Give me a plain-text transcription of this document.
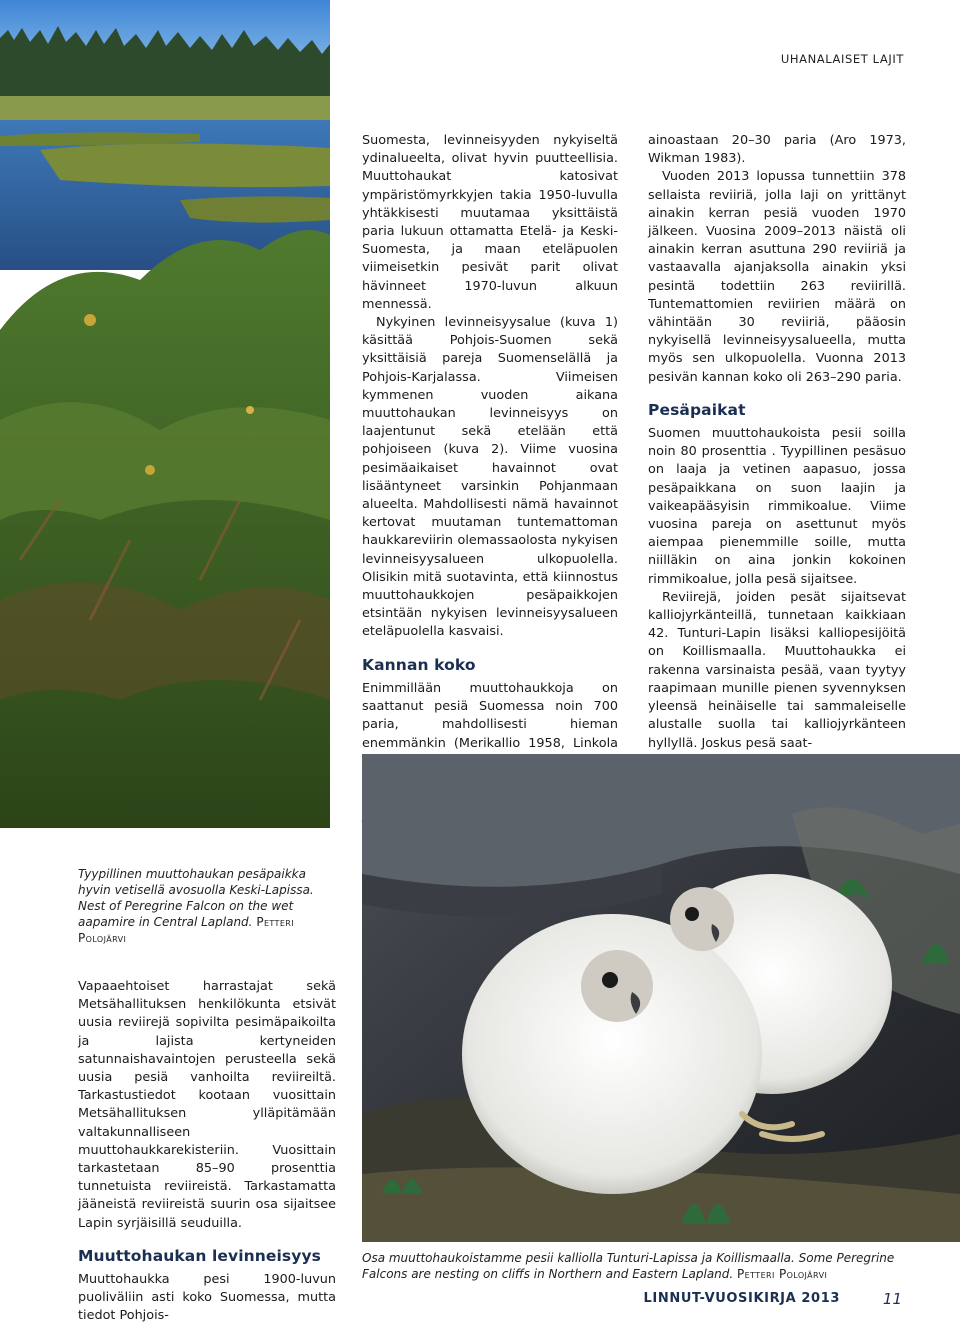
UHANALAISET LAJIT
Tyypillinen muuttohaukan pesäpaikka hyvin vetisellä avosuolla Keski-Lapissa. Nest of Peregrine Falcon on the wet aapamire in Central Lapland. Petteri Polojärvi

Vapaaehtoiset harrastajat sekä Metsähallituksen henkilökunta etsivät uusia reviirejä sopivilta pesimäpaikoilta ja lajista kertyneiden satunnaishavaintojen perusteella sekä uusia pesiä vanhoilta reviireiltä. Tarkastustiedot kootaan vuosittain Metsähallituksen ylläpitämään valtakunnalliseen muuttohaukkarekisteriin. Vuosittain tarkastetaan 85–90 prosenttia tunnetuista reviireistä. Tarkastamatta jääneistä reviireistä suurin osa sijaitsee Lapin syrjäisillä seuduilla.

Muuttohaukan levinneisyys

Muuttohaukka pesi 1900-luvun puoliväliin asti koko Suomessa, mutta tiedot Pohjois-

Suomesta, levinneisyyden nykyiseltä ydinalueelta, olivat hyvin puutteellisia. Muuttohaukat katosivat ympäristömyrkkyjen takia 1950-luvulla yhtäkkisesti muutamaa yksittäistä paria lukuun ottamatta Etelä- ja Keski-Suomesta, ja maan eteläpuolen viimeisetkin pesivät parit olivat hävinneet 1970-luvun alkuun mennessä.

Nykyinen levinneisyysalue (kuva 1) käsittää Pohjois-Suomen sekä yksittäisiä pareja Suomenselällä ja Pohjois-Karjalassa. Viimeisen kymmenen vuoden aikana muuttohaukan levinneisyys on laajentunut sekä etelään että pohjoiseen (kuva 2). Viime vuosina pesimäaikaiset havainnot ovat lisääntyneet varsinkin Pohjanmaan alueelta. Mahdollisesti nämä havainnot kertovat muutaman tuntemattoman haukkareviirin olemassaolosta nykyisen levinneisyysalueen ulkopuolella. Olisikin mitä suotavinta, että kiinnostus muuttohaukkojen pesäpaikkojen etsintään nykyisen levinneisyysalueen eteläpuolella kasvaisi.

Kannan koko

Enimmillään muuttohaukkoja on saattanut pesiä Suomessa noin 700 paria, mahdollisesti hieman enemmänkin (Merikallio 1958, Linkola

ainoastaan 20–30 paria (Aro 1973, Wikman 1983).

Vuoden 2013 lopussa tunnettiin 378 sellaista reviiriä, jolla laji on yrittänyt ainakin kerran pesiä vuoden 1970 jälkeen. Vuosina 2009–2013 näistä oli ainakin kerran asuttuna 290 reviiriä ja vastaavalla ajanjaksolla ainakin yksi pesintä todettiin 263 reviirillä. Tuntemattomien reviirien määrä on vähintään 30 reviiriä, pääosin nykyisellä levinneisyysalueella, mutta myös sen ulkopuolella. Vuonna 2013 pesivän kannan koko oli 263–290 paria.

Pesäpaikat

Suomen muuttohaukoista pesii soilla noin 80 prosenttia . Tyypillinen pesäsuo on laaja ja vetinen aapasuo, jossa pesäpaikkana on suon laajin ja vaikeapääsyisin rimmikoalue. Viime vuosina pareja on asettunut myös aiempaa pienemmille soille, mutta niilläkin on aina jonkin kokoinen rimmikoalue, jolla pesä sijaitsee.

Reviirejä, joiden pesät sijaitsevat kalliojyrkänteillä, tunnetaan kaikkiaan 42. Tunturi-Lapin lisäksi kalliopesijöitä on Koillismaalla. Muuttohaukka ei rakenna varsinaista pesää, vaan tyytyy raapimaan munille pienen syvennyksen yleensä heinäiselle tai sammaleiselle alustalle suolla tai kalliojyrkänteen hyllyllä. Joskus pesä saat-

Osa muuttohaukoistamme pesii kalliolla Tunturi-Lapissa ja Koillismaalla. Some Peregrine Falcons are nesting on cliffs in Northern and Eastern Lapland. Petteri Polojärvi
LINNUT-VUOSIKIRJA 2013	11
